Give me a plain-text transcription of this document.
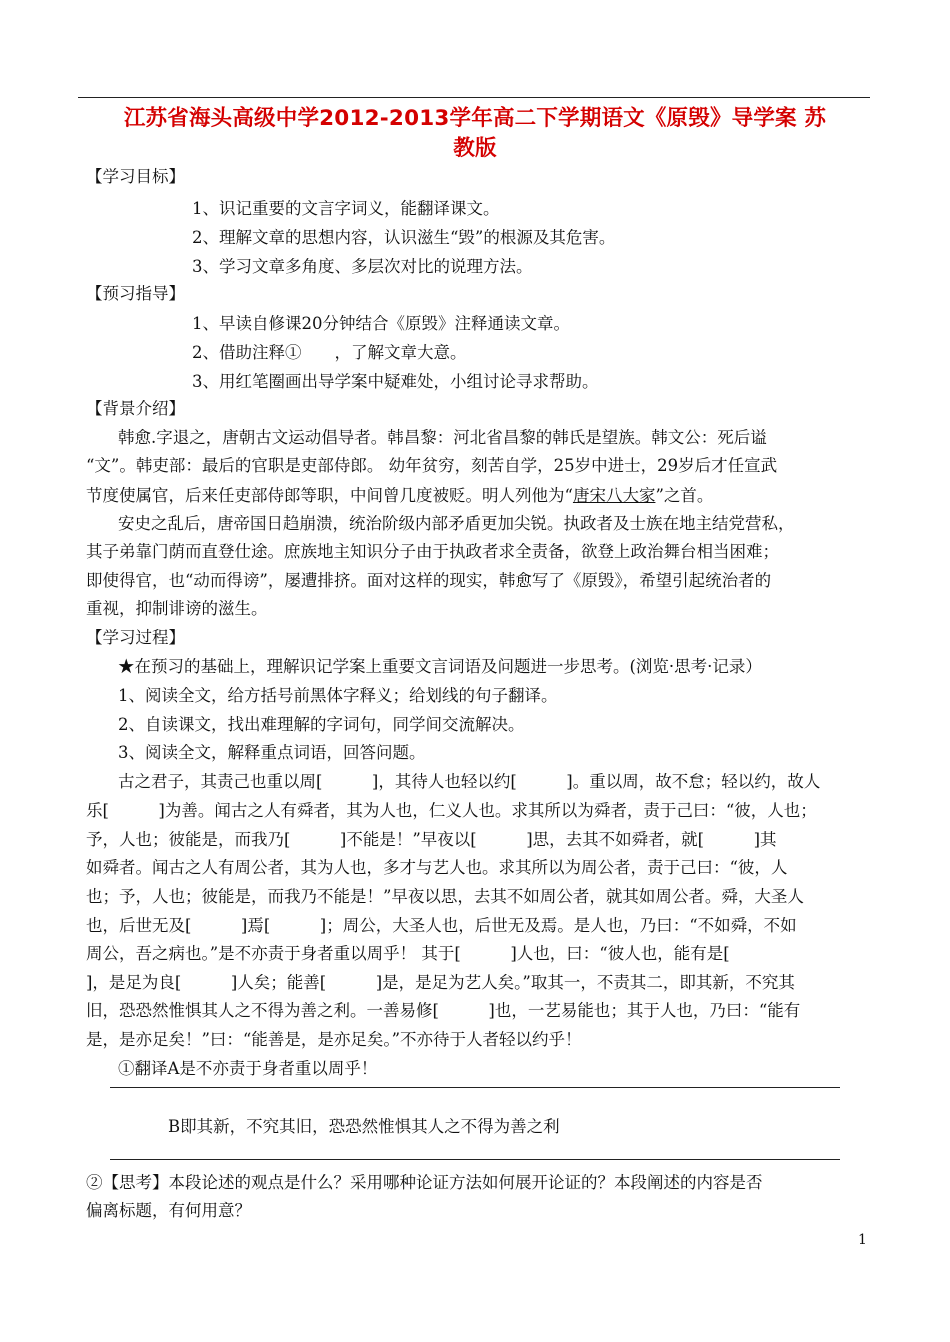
江苏省海头高级中学2012-2013学年高二下学期语文《原毁》导学案 苏
教版
【学习目标】
1、识记重要的文言字词义，能翻译课文。
2、理解文章的思想内容，认识滋生“毁”的根源及其危害。
3、学习文章多角度、多层次对比的说理方法。
【预习指导】
1、早读自修课20分钟结合《原毁》注释通读文章。
2、借助注释①　　，了解文章大意。
3、用红笔圈画出导学案中疑难处，小组讨论寻求帮助。
【背景介绍】
韩愈.字退之，唐朝古文运动倡导者。韩昌黎：河北省昌黎的韩氏是望族。韩文公：死后谥
“文”。韩吏部：最后的官职是吏部侍郎。 幼年贫穷，刻苦自学，25岁中进士，29岁后才任宣武
节度使属官，后来任吏部侍郎等职，中间曾几度被贬。明人列他为“唐宋八大家”之首。
安史之乱后，唐帝国日趋崩溃，统治阶级内部矛盾更加尖锐。执政者及士族在地主结党营私，
其子弟靠门荫而直登仕途。庶族地主知识分子由于执政者求全责备，欲登上政治舞台相当困难；
即使得官，也“动而得谤”，屡遭排挤。面对这样的现实，韩愈写了《原毁》，希望引起统治者的
重视，抑制诽谤的滋生。
【学习过程】
★在预习的基础上，理解识记学案上重要文言词语及问题进一步思考。(浏览·思考·记录）
1、阅读全文，给方括号前黑体字释义；给划线的句子翻译。
2、自读课文，找出难理解的字词句，同学间交流解决。
3、阅读全文，解释重点词语，回答问题。
古之君子，其责己也重以周[　　　]，其待人也轻以约[　　　]。重以周，故不怠；轻以约，故人
乐[　　　]为善。闻古之人有舜者，其为人也，仁义人也。求其所以为舜者，责于己曰：“彼，人也；
予，人也；彼能是，而我乃[　　　]不能是！”早夜以[　　　]思，去其不如舜者，就[　　　]其
如舜者。闻古之人有周公者，其为人也，多才与艺人也。求其所以为周公者，责于己曰：“彼，人
也；予，人也；彼能是，而我乃不能是！”早夜以思，去其不如周公者，就其如周公者。舜，大圣人
也，后世无及[　　　]焉[　　　]；周公，大圣人也，后世无及焉。是人也，乃曰：“不如舜，不如
周公，吾之病也。”是不亦责于身者重以周乎！ 其于[　　　]人也，曰：“彼人也，能有是[
]，是足为良[　　　]人矣；能善[　　　]是，是足为艺人矣。”取其一，不责其二，即其新，不究其
旧，恐恐然惟惧其人之不得为善之利。一善易修[　　　]也，一艺易能也；其于人也，乃曰：“能有
是，是亦足矣！”曰：“能善是，是亦足矣。”不亦待于人者轻以约乎！
①翻译A是不亦责于身者重以周乎！
B即其新，不究其旧，恐恐然惟惧其人之不得为善之利
②【思考】本段论述的观点是什么？采用哪种论证方法如何展开论证的？本段阐述的内容是否
偏离标题，有何用意？
1
